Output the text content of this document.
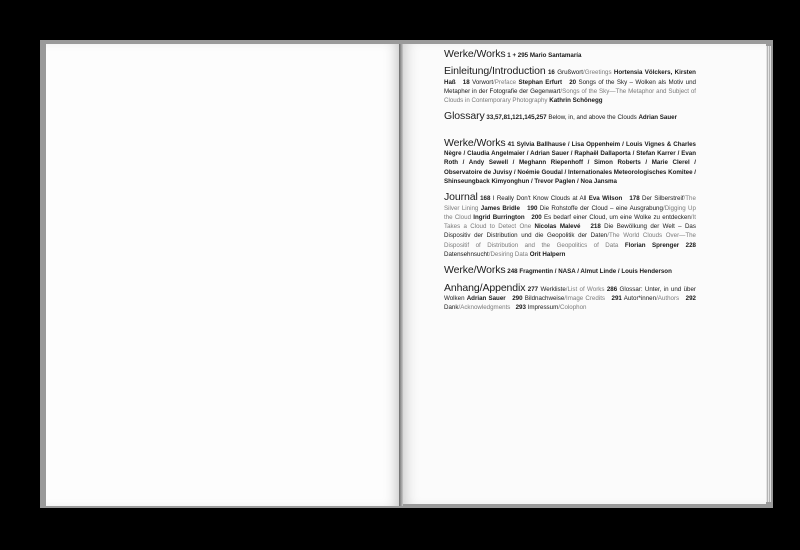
Werke/Works 1 + 295 Mario Santamaría
Einleitung/Introduction 16 Grußwort/Greetings Hortensia Völckers, Kirsten Haß 18 Vorwort/Preface Stephan Erfurt 20 Songs of the Sky – Wolken als Motiv und Metapher in der Fotografie der Gegenwart/Songs of the Sky—The Metaphor and Subject of Clouds in Contemporary Photography Kathrin Schönegg
Glossary 33,57,81,121,145,257 Below, in, and above the Clouds Adrian Sauer
Werke/Works 41 Sylvia Ballhause / Lisa Oppenheim / Louis Vignes & Charles Nègre / Claudia Angelmaier / Adrian Sauer / Raphaël Dallaporta / Stefan Karrer / Evan Roth / Andy Sewell / Meghann Riepenhoff / Simon Roberts / Marie Clerel / Observatoire de Juvisy / Noémie Goudal / Internationales Meteorologisches Komitee / Shinseungback Kimyonghun / Trevor Paglen / Noa Jansma
Journal 168 I Really Don't Know Clouds at All Eva Wilson 178 Der Silberstreif/The Silver Lining James Bridle 190 Die Rohstoffe der Cloud – eine Ausgrabung/Digging Up the Cloud Ingrid Burrington 200 Es bedarf einer Cloud, um eine Wolke zu entdecken/It Takes a Cloud to Detect One Nicolas Malevé 218 Die Bewölkung der Welt – Das Dispositiv der Distribution und die Geopolitik der Daten/The World Clouds Over—The Dispositif of Distribution and the Geopolitics of Data Florian Sprenger 228 Datensehnsucht/Desiring Data Orit Halpern
Werke/Works 248 Fragmentin / NASA / Almut Linde / Louis Henderson
Anhang/Appendix 277 Werkliste/List of Works 286 Glossar: Unter, in und über Wolken Adrian Sauer 290 Bildnachweise/Image Credits 291 Autor*innen/Authors 292 Dank/Acknowledgments 293 Impressum/Colophon
